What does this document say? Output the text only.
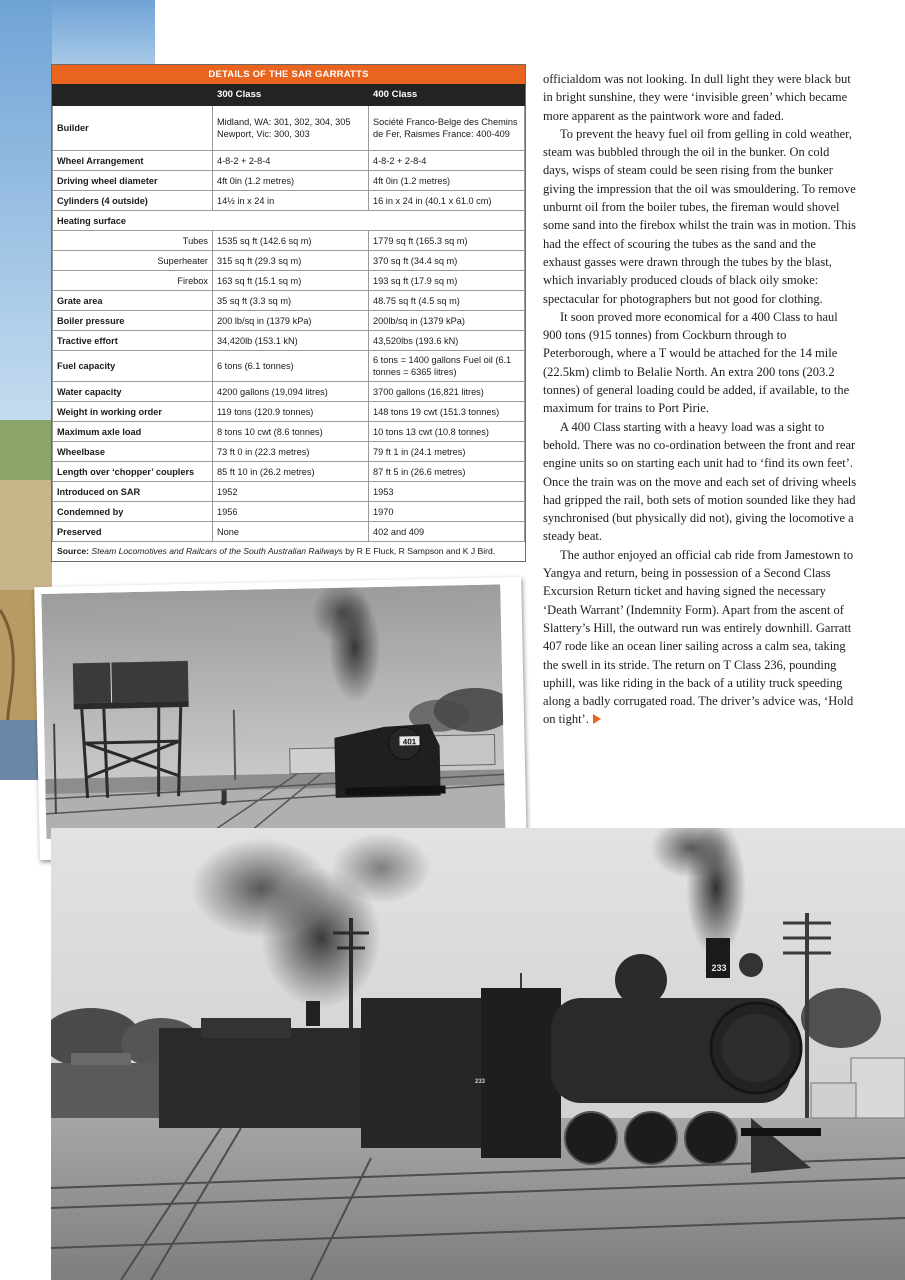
DETAILS OF THE SAR GARRATTS
	300 Class	400 Class
Builder	Midland, WA: 301, 302, 304, 305 Newport, Vic: 300, 303	Société Franco-Belge des Chemins de Fer, Raismes France: 400-409
Wheel Arrangement	4-8-2 + 2-8-4	4-8-2 + 2-8-4
Driving wheel diameter	4ft 0in (1.2 metres)	4ft 0in (1.2 metres)
Cylinders (4 outside)	14½ in x 24 in	16 in x 24 in (40.1 x 61.0 cm)
Heating surface		
Tubes	1535 sq ft (142.6 sq m)	1779 sq ft (165.3 sq m)
Superheater	315 sq ft (29.3 sq m)	370 sq ft (34.4 sq m)
Firebox	163 sq ft (15.1 sq m)	193 sq ft (17.9 sq m)
Grate area	35 sq ft (3.3 sq m)	48.75 sq ft (4.5 sq m)
Boiler pressure	200 lb/sq in (1379 kPa)	200lb/sq in (1379 kPa)
Tractive effort	34,420lb (153.1 kN)	43,520lbs (193.6 kN)
Fuel capacity	6 tons (6.1 tonnes)	6 tons = 1400 gallons Fuel oil (6.1 tonnes = 6365 litres)
Water capacity	4200 gallons (19,094 litres)	3700 gallons (16,821 litres)
Weight in working order	119 tons (120.9 tonnes)	148 tons 19 cwt (151.3 tonnes)
Maximum axle load	8 tons 10 cwt (8.6 tonnes)	10 tons 13 cwt (10.8 tonnes)
Wheelbase	73 ft 0 in (22.3 metres)	79 ft 1 in (24.1 metres)
Length over ‘chopper’ couplers	85 ft 10 in (26.2 metres)	87 ft 5 in (26.6 metres)
Introduced on SAR	1952	1953
Condemned by	1956	1970
Preserved	None	402 and 409
Source: Steam Locomotives and Railcars of the South Australian Railways by R E Fluck, R Sampson and K J Bird.

officialdom was not looking. In dull light they were black but in bright sunshine, they were ‘invisible green’ which became more apparent as the paintwork wore and faded.

To prevent the heavy fuel oil from gelling in cold weather, steam was bubbled through the oil in the bunker. On cold days, wisps of steam could be seen rising from the bunker giving the impression that the oil was smouldering. To remove unburnt oil from the boiler tubes, the fireman would shovel some sand into the firebox whilst the train was in motion. This had the effect of scouring the tubes as the sand and the exhaust gasses were drawn through the tubes by the blast, which invariably produced clouds of black oily smoke: spectacular for photographers but not good for clothing.

It soon proved more economical for a 400 Class to haul 900 tons (915 tonnes) from Cockburn through to Peterborough, where a T would be attached for the 14 mile (22.5km) climb to Belalie North. An extra 200 tons (203.2 tonnes) of general loading could be added, if available, to the maximum for trains to Port Pirie.

A 400 Class starting with a heavy load was a sight to behold. There was no co-ordination between the front and rear engine units so on starting each unit had to ‘find its own feet’. Once the train was on the move and each set of driving wheels had gripped the rail, both sets of motion sounded like they had synchronised (but physically did not), giving the locomotive a steady beat.

The author enjoyed an official cab ride from Jamestown to Yangya and return, being in possession of a Second Class Excursion Return ticket and having signed the necessary ‘Death Warrant’ (Indemnity Form). Apart from the ascent of Slattery’s Hill, the outward run was entirely downhill. Garratt 407 rode like an ocean liner sailing across a calm sea, taking the swell in its stride. The return on T Class 236, pounding uphill, was like riding in the back of a utility truck speeding along a badly corrugated road. The driver’s advice was, ‘Hold on tight’.

401
233
233
